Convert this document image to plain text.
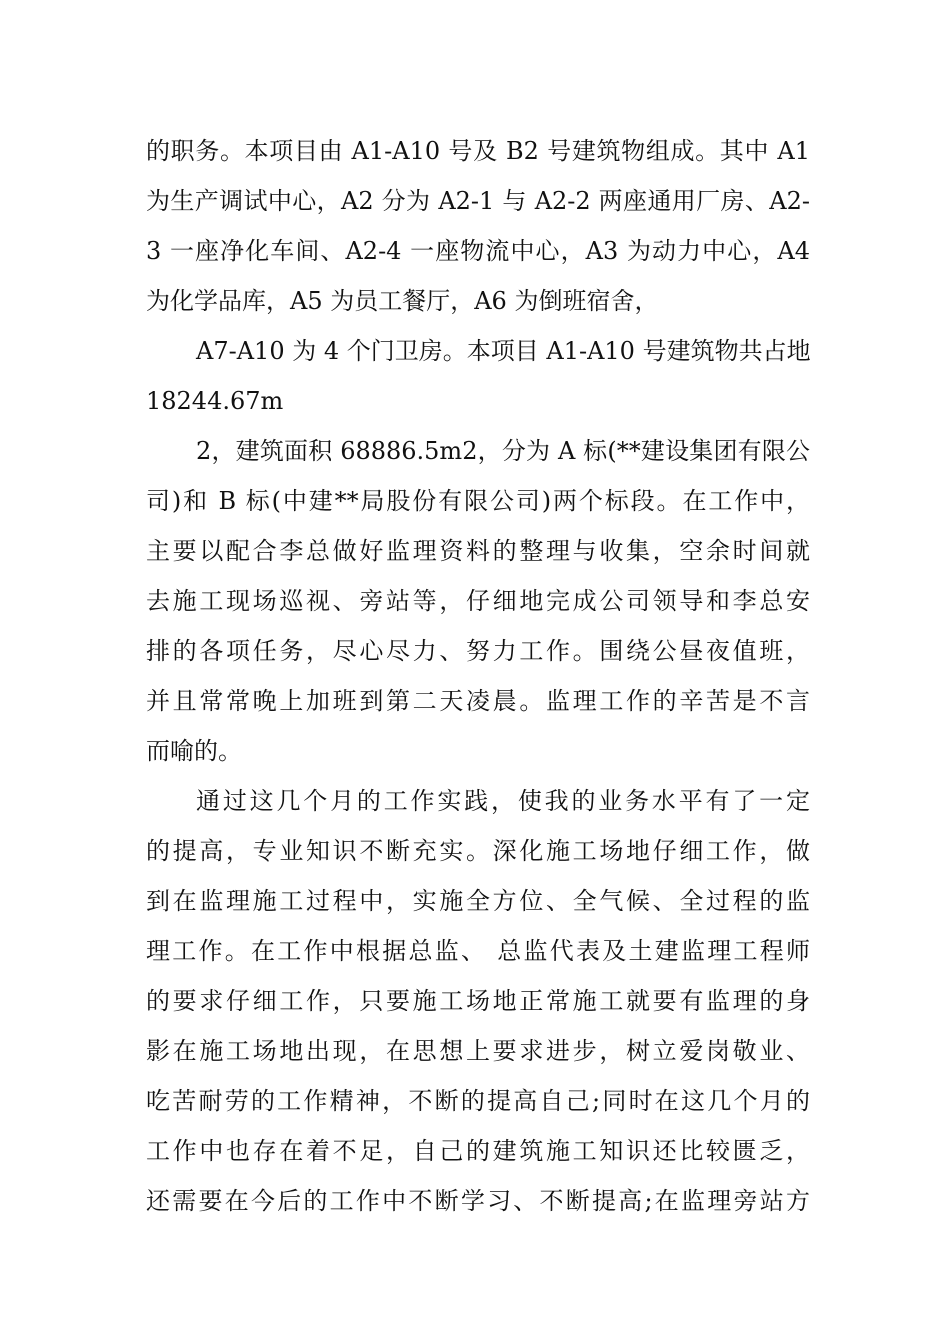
的职务。本项目由 A1-A10 号及 B2 号建筑物组成。其中 A1
为生产调试中心，A2 分为 A2-1 与 A2-2 两座通用厂房、A2-
3 一座净化车间、A2-4 一座物流中心，A3 为动力中心，A4
为化学品库，A5 为员工餐厅，A6 为倒班宿舍，
A7-A10 为 4 个门卫房。本项目 A1-A10 号建筑物共占地
18244.67m
2，建筑面积 68886.5m2，分为 A 标(**建设集团有限公
司)和 B 标(中建**局股份有限公司)两个标段。在工作中，
主要以配合李总做好监理资料的整理与收集，空余时间就
去施工现场巡视、旁站等，仔细地完成公司领导和李总安
排的各项任务，尽心尽力、努力工作。围绕公昼夜值班，
并且常常晚上加班到第二天凌晨。监理工作的辛苦是不言
而喻的。
通过这几个月的工作实践，使我的业务水平有了一定
的提高，专业知识不断充实。深化施工场地仔细工作，做
到在监理施工过程中，实施全方位、全气候、全过程的监
理工作。在工作中根据总监、 总监代表及土建监理工程师
的要求仔细工作，只要施工场地正常施工就要有监理的身
影在施工场地出现，在思想上要求进步，树立爱岗敬业、
吃苦耐劳的工作精神，不断的提高自己;同时在这几个月的
工作中也存在着不足，自己的建筑施工知识还比较匮乏，
还需要在今后的工作中不断学习、不断提高;在监理旁站方
